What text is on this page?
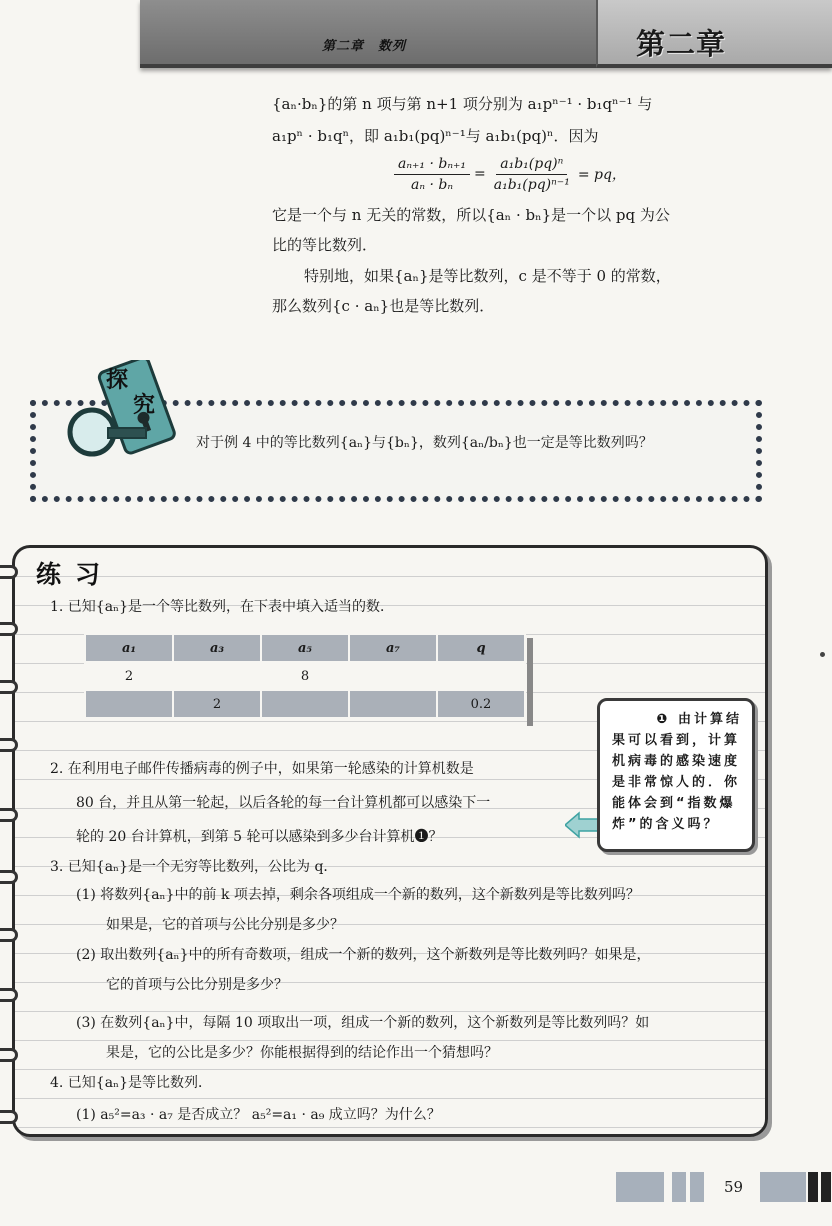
第二章　数列	第二章
{aₙ·bₙ}的第 n 项与第 n+1 项分别为 a₁pⁿ⁻¹ · b₁qⁿ⁻¹ 与
a₁pⁿ · b₁qⁿ，即 a₁b₁(pq)ⁿ⁻¹与 a₁b₁(pq)ⁿ．因为
$\frac{\text{aₙ₊₁ · bₙ₊₁}}{\text{aₙ · bₙ}} = \frac{\text{a₁b₁(pq)ⁿ}}{\text{a₁b₁(pq)ⁿ⁻¹}}$ = pq，
它是一个与 n 无关的常数，所以{aₙ · bₙ}是一个以 pq 为公
比的等比数列．
特别地，如果{aₙ}是等比数列，c 是不等于 0 的常数，
那么数列{c · aₙ}也是等比数列．
探
究
对于例 4 中的等比数列{aₙ}与{bₙ}，数列{aₙ/bₙ}也一定是等比数列吗？
练习
1. 已知{aₙ}是一个等比数列，在下表中填入适当的数．
a₁	a₃	a₅	a₇	q
2		8		
	2			0.2
2. 在利用电子邮件传播病毒的例子中，如果第一轮感染的计算机数是
80 台，并且从第一轮起，以后各轮的每一台计算机都可以感染下一
轮的 20 台计算机，到第 5 轮可以感染到多少台计算机❶？
❶ 由计算结
果可以看到，计算
机病毒的感染速度
是非常惊人的．你
能体会到“指数爆
炸”的含义吗？
3. 已知{aₙ}是一个无穷等比数列，公比为 q．
(1) 将数列{aₙ}中的前 k 项去掉，剩余各项组成一个新的数列，这个新数列是等比数列吗？
如果是，它的首项与公比分别是多少？
(2) 取出数列{aₙ}中的所有奇数项，组成一个新的数列，这个新数列是等比数列吗？如果是，
它的首项与公比分别是多少？
(3) 在数列{aₙ}中，每隔 10 项取出一项，组成一个新的数列，这个新数列是等比数列吗？如
果是，它的公比是多少？你能根据得到的结论作出一个猜想吗？
4. 已知{aₙ}是等比数列．
(1) a₅²=a₃ · a₇ 是否成立？ a₅²=a₁ · a₉ 成立吗？为什么？
59
